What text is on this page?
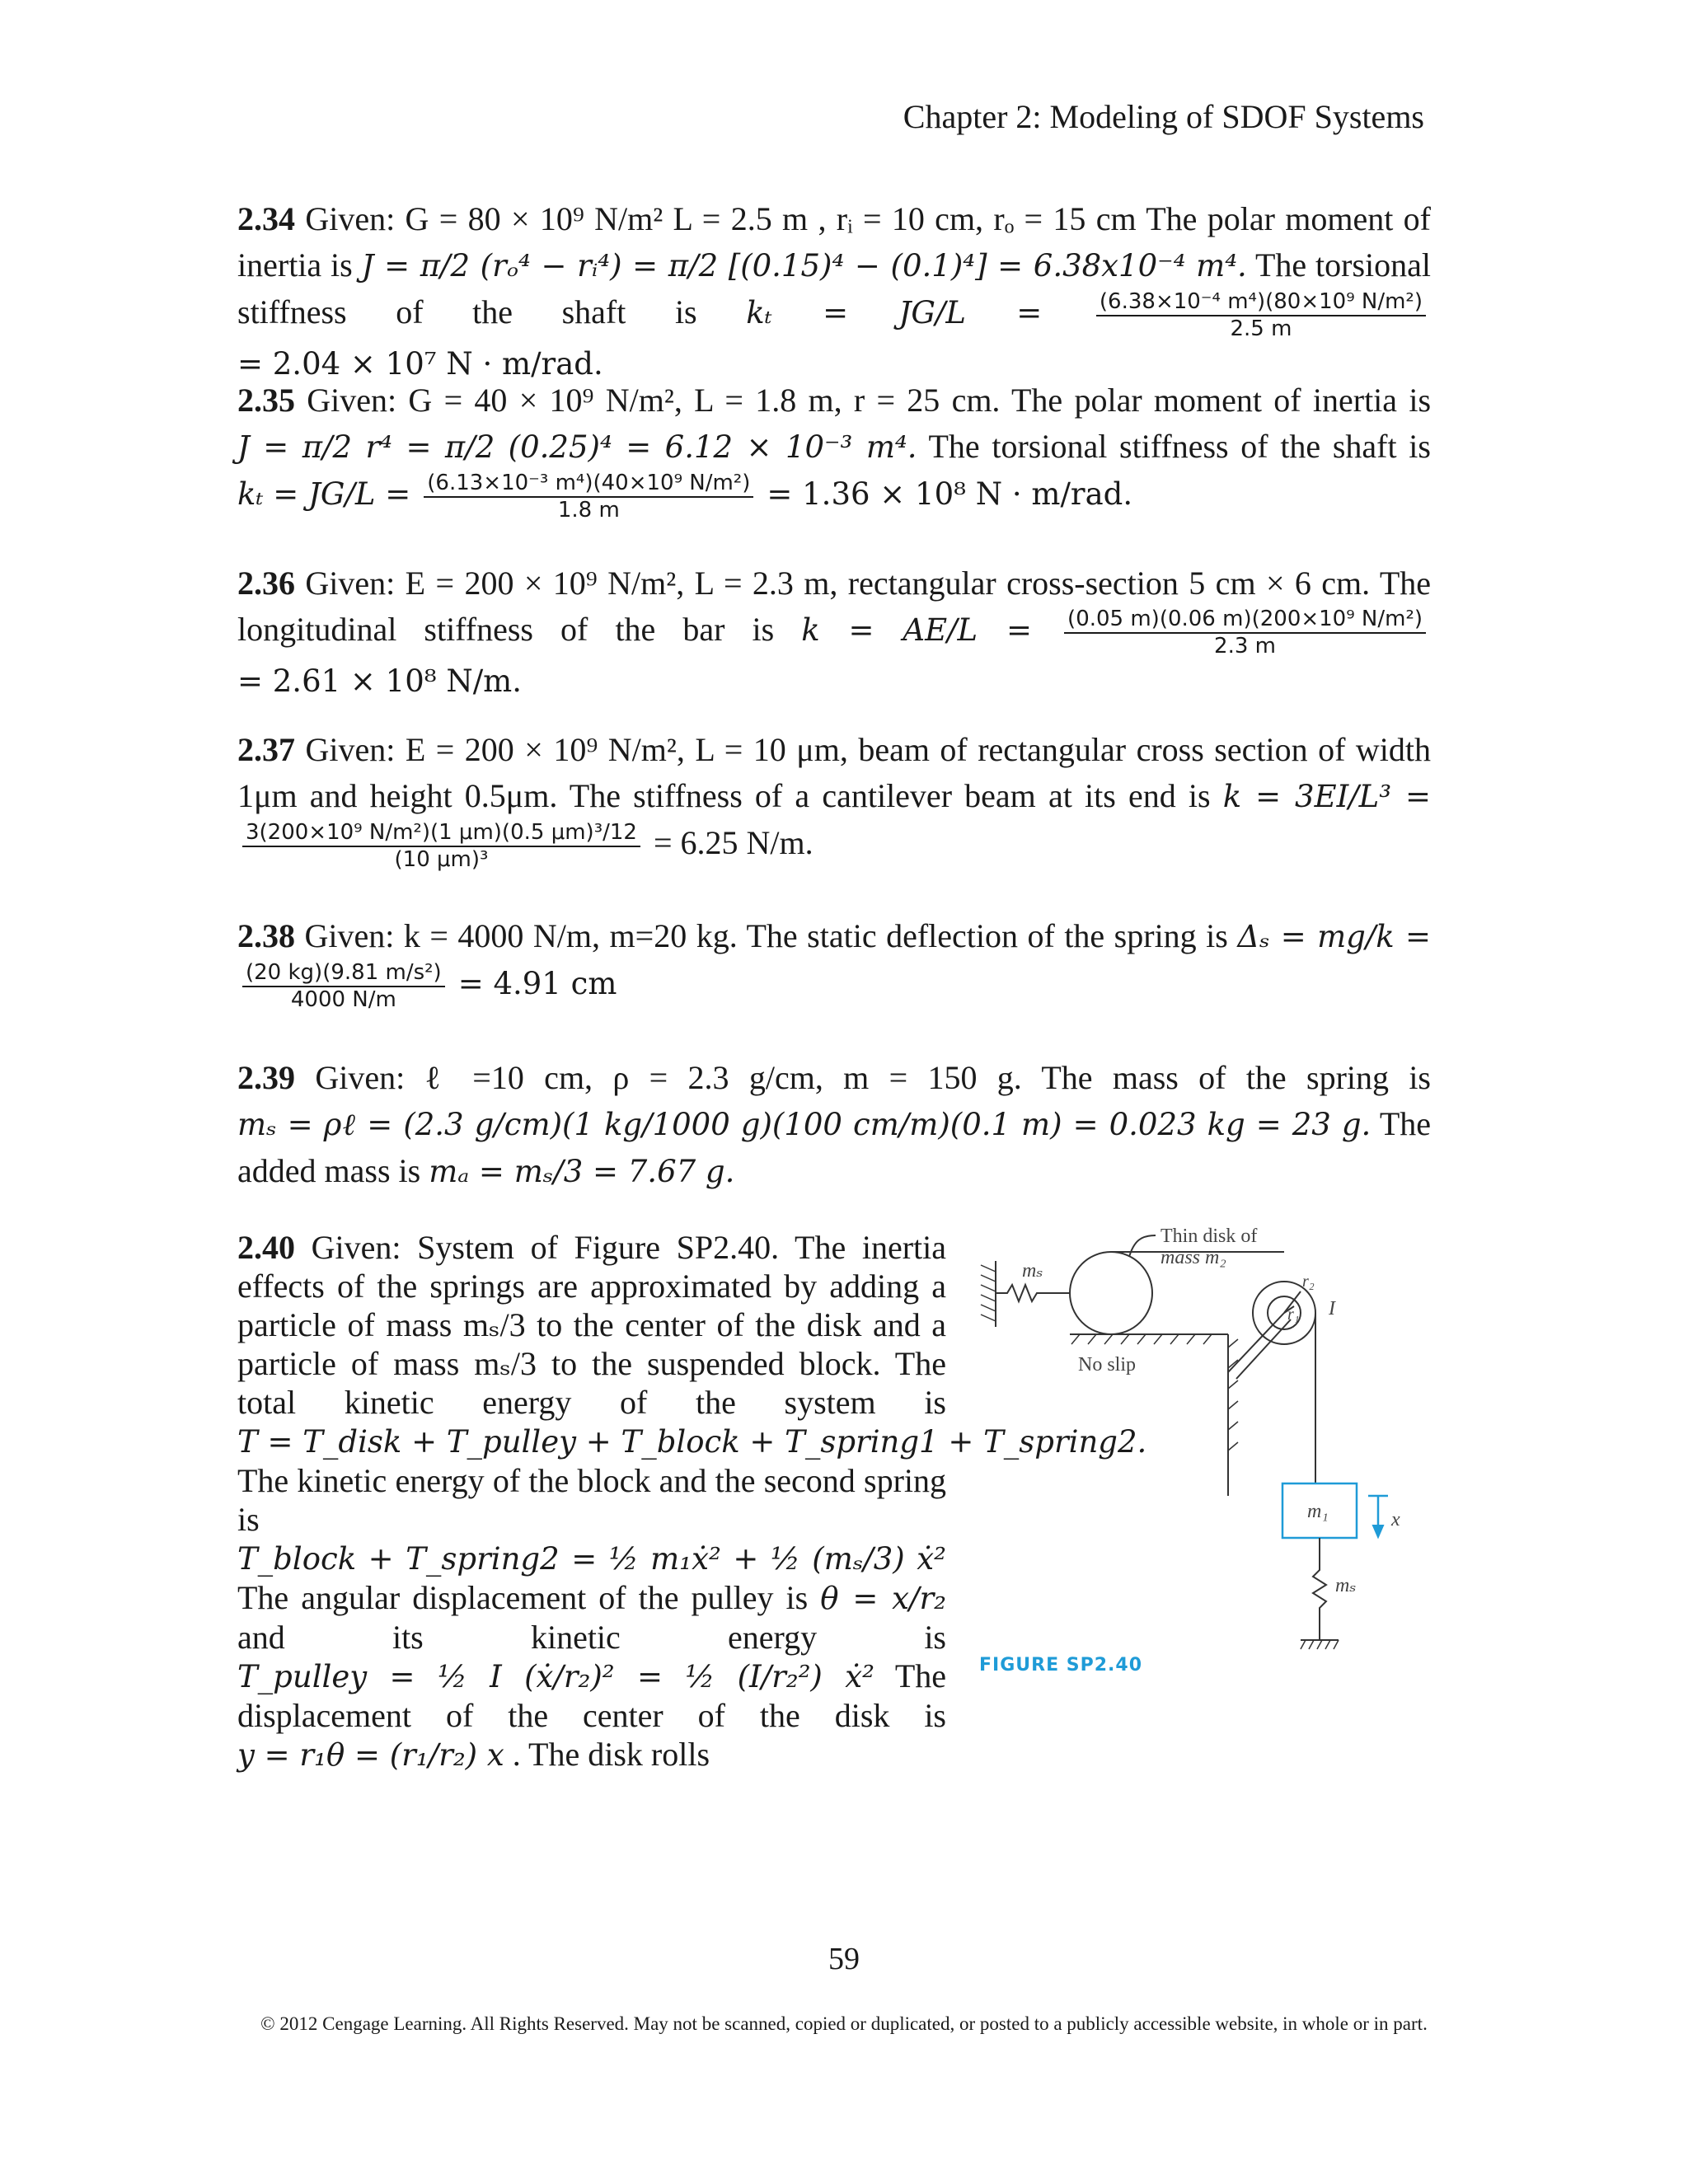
Chapter 2: Modeling of SDOF Systems
2.34 Given: G = 80 × 10⁹ N/m² L = 2.5 m , rᵢ = 10 cm, rₒ = 15 cm The polar moment of inertia is J = π/2 (rₒ⁴ − rᵢ⁴) = π/2 [(0.15)⁴ − (0.1)⁴] = 6.38x10⁻⁴ m⁴. The torsional stiffness of the shaft is kₜ = JG/L =	$\frac{\text{(6.38×10⁻⁴ m⁴)(80×10⁹ N/m²)}}{2.5 m}$
= 2.04 × 10⁷ N · m/rad.
2.35 Given: G = 40 × 10⁹ N/m², L = 1.8 m, r = 25 cm. The polar moment of inertia is J = π/2 r⁴ = π/2 (0.25)⁴ = 6.12 × 10⁻³ m⁴. The torsional stiffness of the shaft is $k_t = JG/L = \frac{\text{(6.13×10⁻³ m⁴)(40×10⁹ N/m²)}}{1.8 m} = 1.36 \times 10^8$ N · m/rad.
2.36 Given: E = 200 × 10⁹ N/m², L = 2.3 m, rectangular cross-section 5 cm × 6 cm. The longitudinal stiffness of the bar is $k = AE/L = \frac{\text{(0.05 m)(0.06 m)(200×10⁹ N/m²)}}{2.3 m}$
= 2.61 × 10⁸ N/m.
2.37 Given: E = 200 × 10⁹ N/m², L = 10 μm, beam of rectangular cross section of width 1μm and height 0.5μm. The stiffness of a cantilever beam at its end is k = 3EI/L³ =
$\frac{\text{3(200×10⁹ N/m²)(1 μm)(0.5 μm)³/12}}{\text{(10 μm)³}} = 6.25$ N/m.
2.38 Given: k = 4000 N/m, m=20 kg. The static deflection of the spring is Δₛ = mg/k =
$\frac{\text{(20 kg)(9.81 m/s²)}}{4000 N/m} = 4.91$ cm
2.39 Given: ℓ =10 cm, ρ = 2.3 g/cm, m = 150 g. The mass of the spring is mₛ = ρℓ = (2.3 g/cm)(1 kg/1000 g)(100 cm/m)(0.1 m) = 0.023 kg = 23 g. The added mass is mₐ = mₛ/3 = 7.67 g.
2.40 Given: System of Figure SP2.40. The inertia effects of the springs are approximated by adding a particle of mass mₛ/3 to the center of the disk and a particle of mass mₛ/3 to the suspended block. The total kinetic energy of the system is T = T_disk + T_pulley + T_block + T_spring1 + T_spring2. The kinetic energy of the block and the second spring is T_block + T_spring2 = ½ m₁ẋ² + ½ (mₛ/3) ẋ² The angular displacement of the pulley is θ = x/r₂ and its kinetic energy is T_pulley = ½ I (ẋ/r₂)² = ½ (I/r₂²) ẋ² The displacement of the center of the disk is y = r₁θ = (r₁/r₂) x . The disk rolls
Thin disk of
mass m₂
No slip
mₛ	r₂
r₁ I
m₁	x
mₛ
FIGURE SP2.40
59
© 2012 Cengage Learning. All Rights Reserved. May not be scanned, copied or duplicated, or posted to a publicly accessible website, in whole or in part.
